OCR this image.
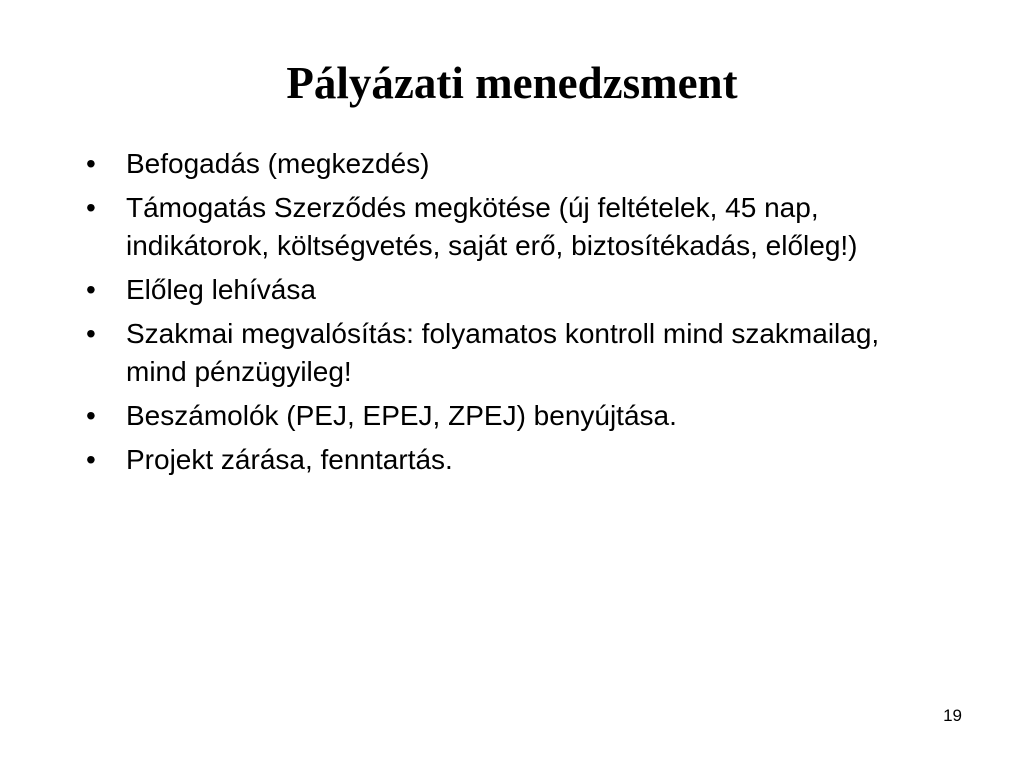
Pályázati menedzsment
•	Befogadás (megkezdés)
•	Támogatás Szerződés megkötése (új feltételek, 45 nap, indikátorok, költségvetés, saját erő, biztosítékadás, előleg!)
•	Előleg lehívása
•	Szakmai megvalósítás: folyamatos kontroll mind szakmailag, mind pénzügyileg!
•	Beszámolók (PEJ, EPEJ, ZPEJ) benyújtása.
•	Projekt zárása, fenntartás.
19
